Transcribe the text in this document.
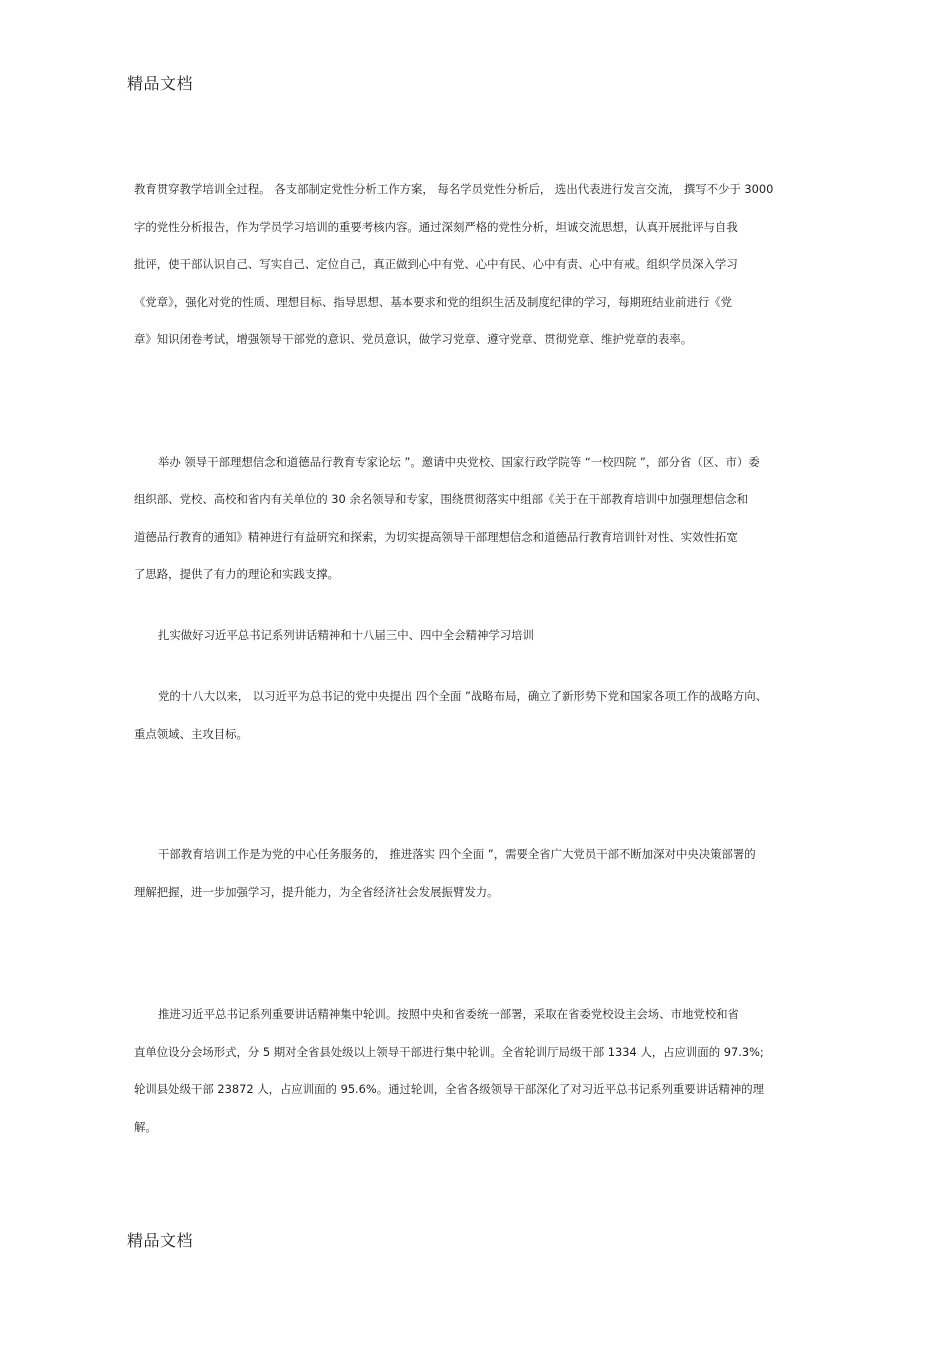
精品文档
教育贯穿教学培训全过程。 各支部制定党性分析工作方案， 每名学员党性分析后， 选出代表进行发言交流， 撰写不少于 3000
字的党性分析报告，作为学员学习培训的重要考核内容。通过深刻严格的党性分析，坦诚交流思想，认真开展批评与自我
批评，使干部认识自己、写实自己、定位自己，真正做到心中有党、心中有民、心中有责、心中有戒。组织学员深入学习
《党章》，强化对党的性质、理想目标、指导思想、基本要求和党的组织生活及制度纪律的学习，每期班结业前进行《党
章》知识闭卷考试，增强领导干部党的意识、党员意识，做学习党章、遵守党章、贯彻党章、维护党章的表率。
举办 领导干部理想信念和道德品行教育专家论坛 ”。邀请中央党校、国家行政学院等 “一校四院 ”，部分省（区、市）委
组织部、党校、高校和省内有关单位的 30 余名领导和专家，围绕贯彻落实中组部《关于在干部教育培训中加强理想信念和
道德品行教育的通知》精神进行有益研究和探索，为切实提高领导干部理想信念和道德品行教育培训针对性、实效性拓宽
了思路，提供了有力的理论和实践支撑。
扎实做好习近平总书记系列讲话精神和十八届三中、四中全会精神学习培训
党的十八大以来， 以习近平为总书记的党中央提出 四个全面 ”战略布局，确立了新形势下党和国家各项工作的战略方向、
重点领域、主攻目标。
干部教育培训工作是为党的中心任务服务的， 推进落实 四个全面 ”，需要全省广大党员干部不断加深对中央决策部署的
理解把握，进一步加强学习，提升能力，为全省经济社会发展振臂发力。
推进习近平总书记系列重要讲话精神集中轮训。按照中央和省委统一部署，采取在省委党校设主会场、市地党校和省
直单位设分会场形式，分 5 期对全省县处级以上领导干部进行集中轮训。全省轮训厅局级干部 1334 人，占应训面的 97.3%;
轮训县处级干部 23872 人，占应训面的 95.6%。通过轮训，全省各级领导干部深化了对习近平总书记系列重要讲话精神的理
解。
精品文档
